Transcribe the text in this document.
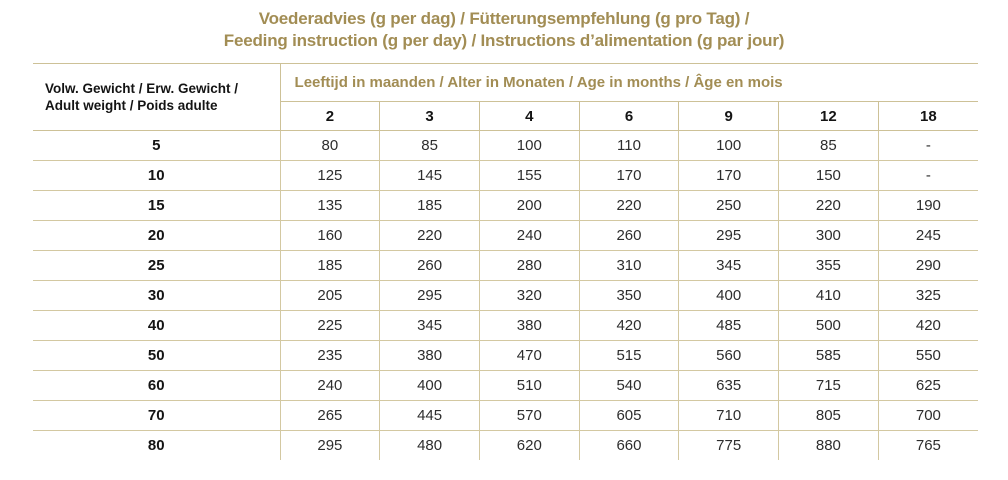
Voederadvies (g per dag) / Fütterungsempfehlung (g pro Tag) /
Feeding instruction (g per day) / Instructions d’alimentation (g par jour)
Volw. Gewicht / Erw. Gewicht /
Adult weight / Poids adulte	Leeftijd in maanden / Alter in Monaten / Age in months / Âge en mois						
	2	3	4	6	9	12	18
5	80	85	100	110	100	85	-
10	125	145	155	170	170	150	-
15	135	185	200	220	250	220	190
20	160	220	240	260	295	300	245
25	185	260	280	310	345	355	290
30	205	295	320	350	400	410	325
40	225	345	380	420	485	500	420
50	235	380	470	515	560	585	550
60	240	400	510	540	635	715	625
70	265	445	570	605	710	805	700
80	295	480	620	660	775	880	765
